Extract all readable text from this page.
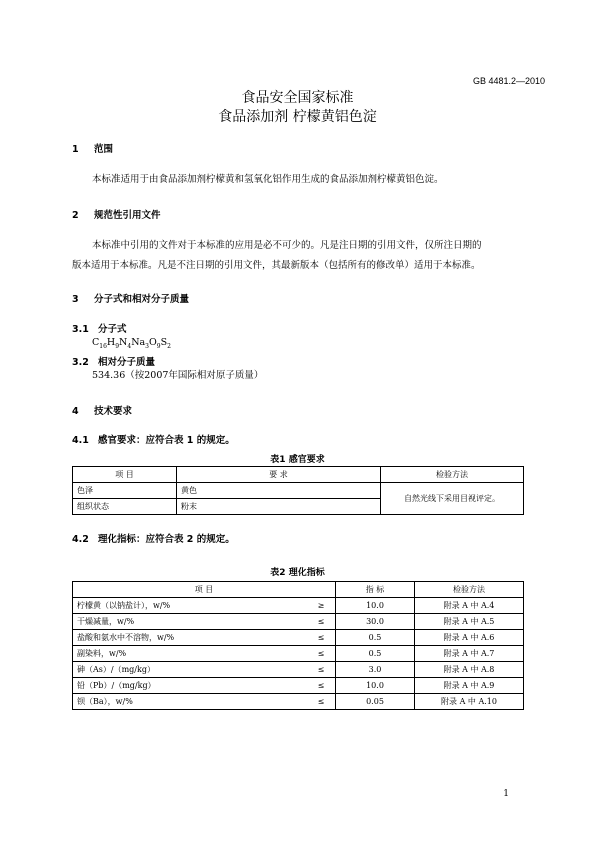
GB 4481.2—2010
食品安全国家标准
食品添加剂 柠檬黄铝色淀
1 范围
本标准适用于由食品添加剂柠檬黄和氢氧化铝作用生成的食品添加剂柠檬黄铝色淀。
2 规范性引用文件
本标准中引用的文件对于本标准的应用是必不可少的。凡是注日期的引用文件，仅所注日期的
版本适用于本标准。凡是不注日期的引用文件，其最新版本（包括所有的修改单）适用于本标准。
3 分子式和相对分子质量
3.1 分子式
$C_{16}H_9N_4Na_3O_9S_2$
3.2 相对分子质量
534.36（按2007年国际相对原子质量）
4 技术要求
4.1 感官要求：应符合表 1 的规定。
表1 感官要求
项 目	要 求	检验方法
色泽	黄色	自然光线下采用目视评定。
组织状态	粉末	
4.2 理化指标：应符合表 2 的规定。
表2 理化指标
项 目		指 标	检验方法
柠檬黄（以钠盐计），w/%	≥	10.0	附录 A 中 A.4
干燥减量，w/%	≤	30.0	附录 A 中 A.5
盐酸和氨水中不溶物，w/%	≤	0.5	附录 A 中 A.6
副染料，w/%	≤	0.5	附录 A 中 A.7
砷（As）/（mg/kg）	≤	3.0	附录 A 中 A.8
铅（Pb）/（mg/kg）	≤	10.0	附录 A 中 A.9
钡（Ba），w/%	≤	0.05	附录 A 中 A.10
1
